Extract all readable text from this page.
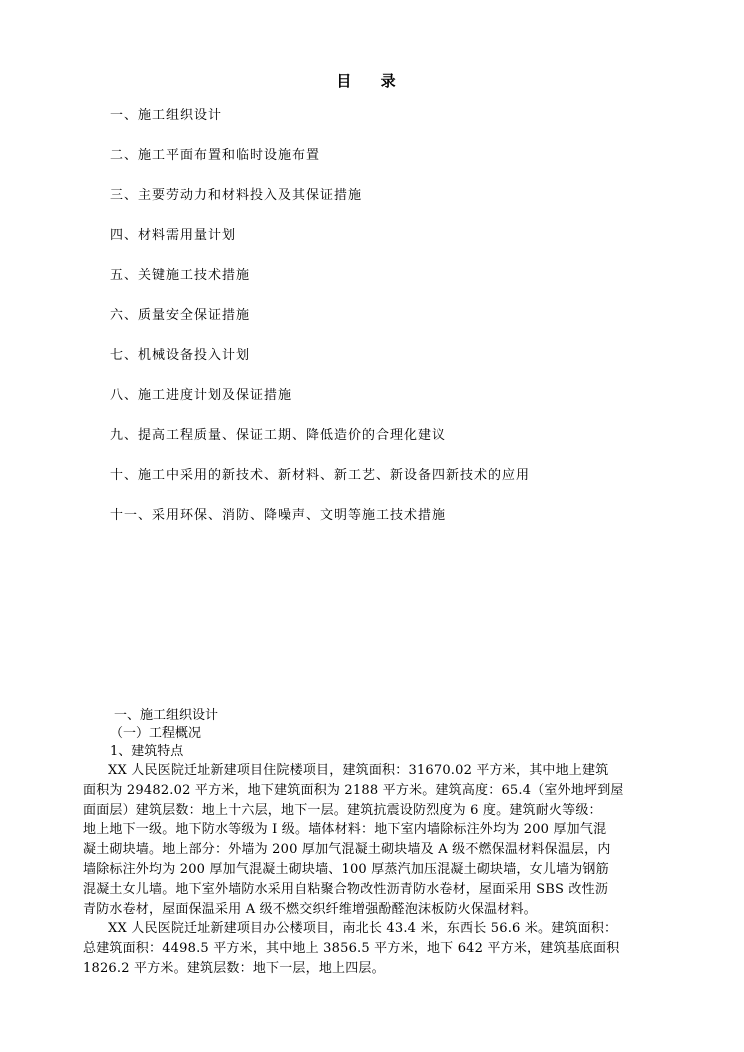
目 录
一、施工组织设计
二、施工平面布置和临时设施布置
三、主要劳动力和材料投入及其保证措施
四、材料需用量计划
五、关键施工技术措施
六、质量安全保证措施
七、机械设备投入计划
八、施工进度计划及保证措施
九、提高工程质量、保证工期、降低造价的合理化建议
十、施工中采用的新技术、新材料、新工艺、新设备四新技术的应用
十一、采用环保、消防、降噪声、文明等施工技术措施
一、施工组织设计
（一）工程概况
1、建筑特点
XX 人民医院迁址新建项目住院楼项目，建筑面积：31670.02 平方米，其中地上建筑
面积为 29482.02 平方米，地下建筑面积为 2188 平方米。建筑高度：65.4（室外地坪到屋
面面层）建筑层数：地上十六层，地下一层。建筑抗震设防烈度为 6 度。建筑耐火等级：
地上地下一级。地下防水等级为 I 级。墙体材料：地下室内墙除标注外均为 200 厚加气混
凝土砌块墙。地上部分：外墙为 200 厚加气混凝土砌块墙及 A 级不燃保温材料保温层，内
墙除标注外均为 200 厚加气混凝土砌块墙、100 厚蒸汽加压混凝土砌块墙，女儿墙为钢筋
混凝土女儿墙。地下室外墙防水采用自粘聚合物改性沥青防水卷材，屋面采用 SBS 改性沥
青防水卷材，屋面保温采用 A 级不燃交织纤维增强酚醛泡沫板防火保温材料。
XX 人民医院迁址新建项目办公楼项目，南北长 43.4 米，东西长 56.6 米。建筑面积：
总建筑面积：4498.5 平方米，其中地上 3856.5 平方米，地下 642 平方米，建筑基底面积
1826.2 平方米。建筑层数：地下一层，地上四层。
